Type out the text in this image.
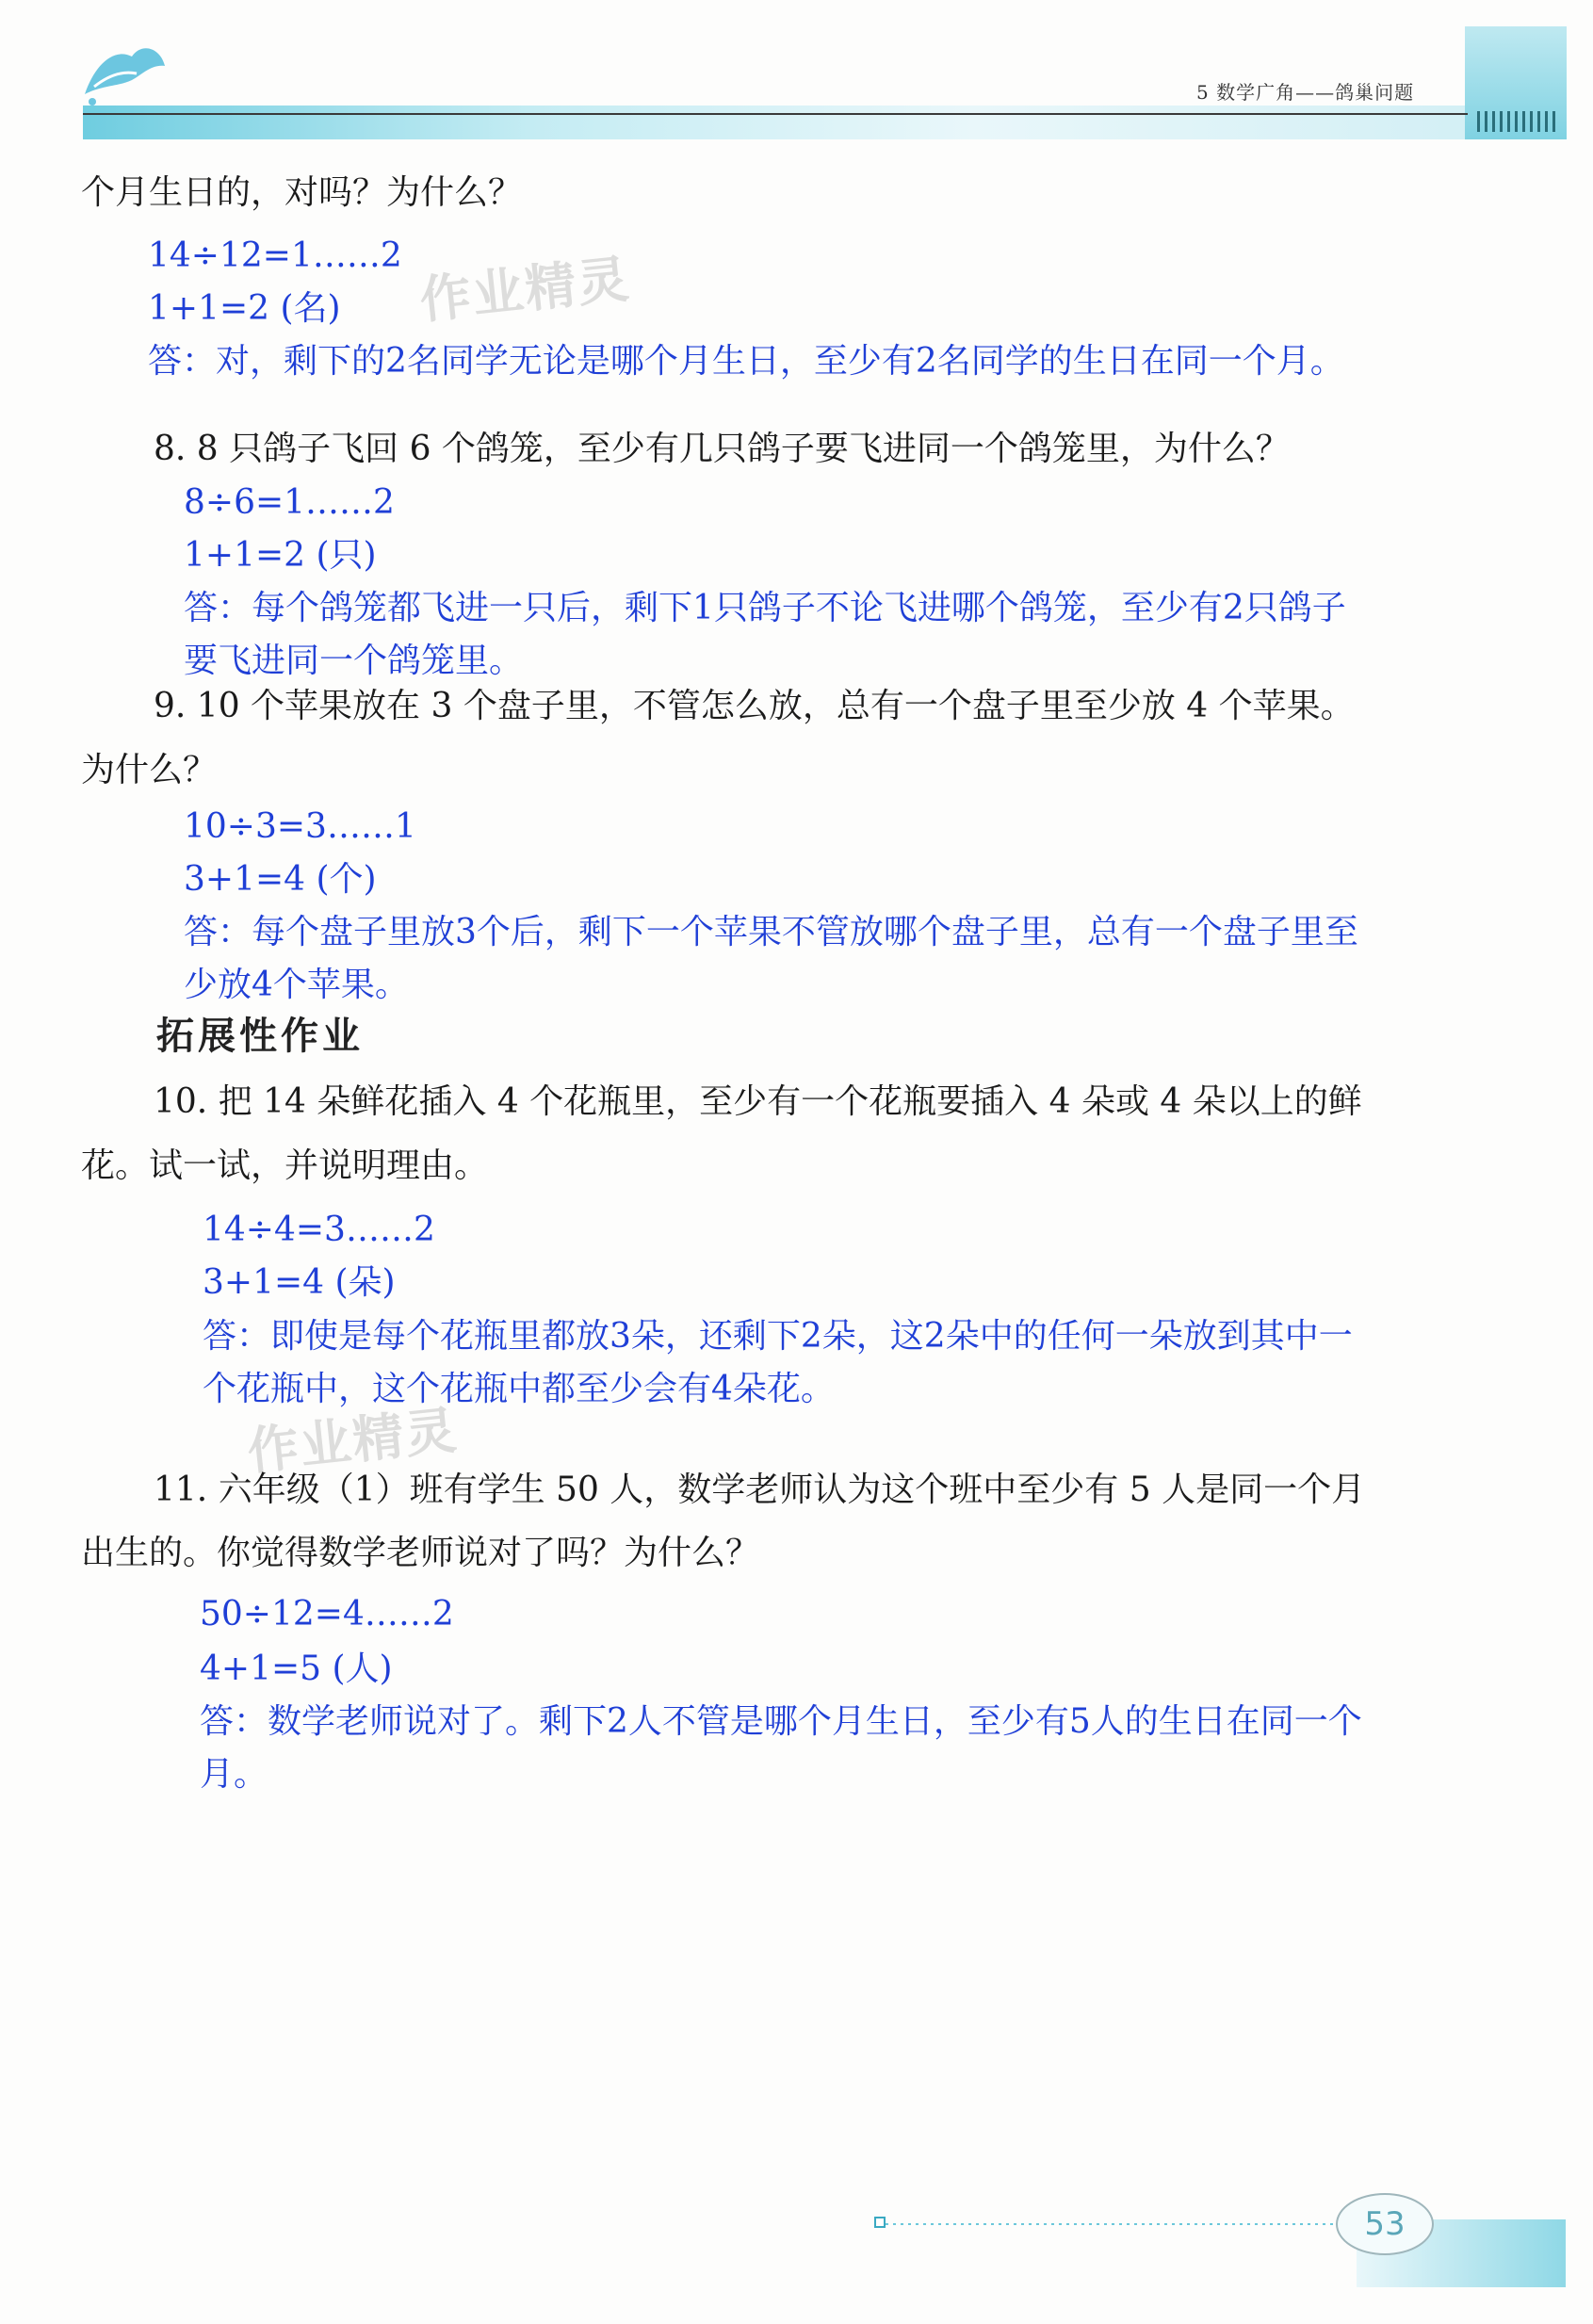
5 数学广角——鸽巢问题
作业精灵
作业精灵
个月生日的，对吗？为什么？
14÷12=1……2
1+1=2 (名)
答：对，剩下的2名同学无论是哪个月生日，至少有2名同学的生日在同一个月。
8. 8 只鸽子飞回 6 个鸽笼，至少有几只鸽子要飞进同一个鸽笼里，为什么？
8÷6=1……2
1+1=2 (只)
答：每个鸽笼都飞进一只后，剩下1只鸽子不论飞进哪个鸽笼，至少有2只鸽子
要飞进同一个鸽笼里。
9. 10 个苹果放在 3 个盘子里，不管怎么放，总有一个盘子里至少放 4 个苹果。
为什么？
10÷3=3……1
3+1=4 (个)
答：每个盘子里放3个后，剩下一个苹果不管放哪个盘子里，总有一个盘子里至
少放4个苹果。
拓展性作业
10. 把 14 朵鲜花插入 4 个花瓶里，至少有一个花瓶要插入 4 朵或 4 朵以上的鲜
花。试一试，并说明理由。
14÷4=3……2
3+1=4 (朵)
答：即使是每个花瓶里都放3朵，还剩下2朵，这2朵中的任何一朵放到其中一
个花瓶中，这个花瓶中都至少会有4朵花。
11. 六年级（1）班有学生 50 人，数学老师认为这个班中至少有 5 人是同一个月
出生的。你觉得数学老师说对了吗？为什么？
50÷12=4……2
4+1=5 (人)
答：数学老师说对了。剩下2人不管是哪个月生日，至少有5人的生日在同一个
月。
53
